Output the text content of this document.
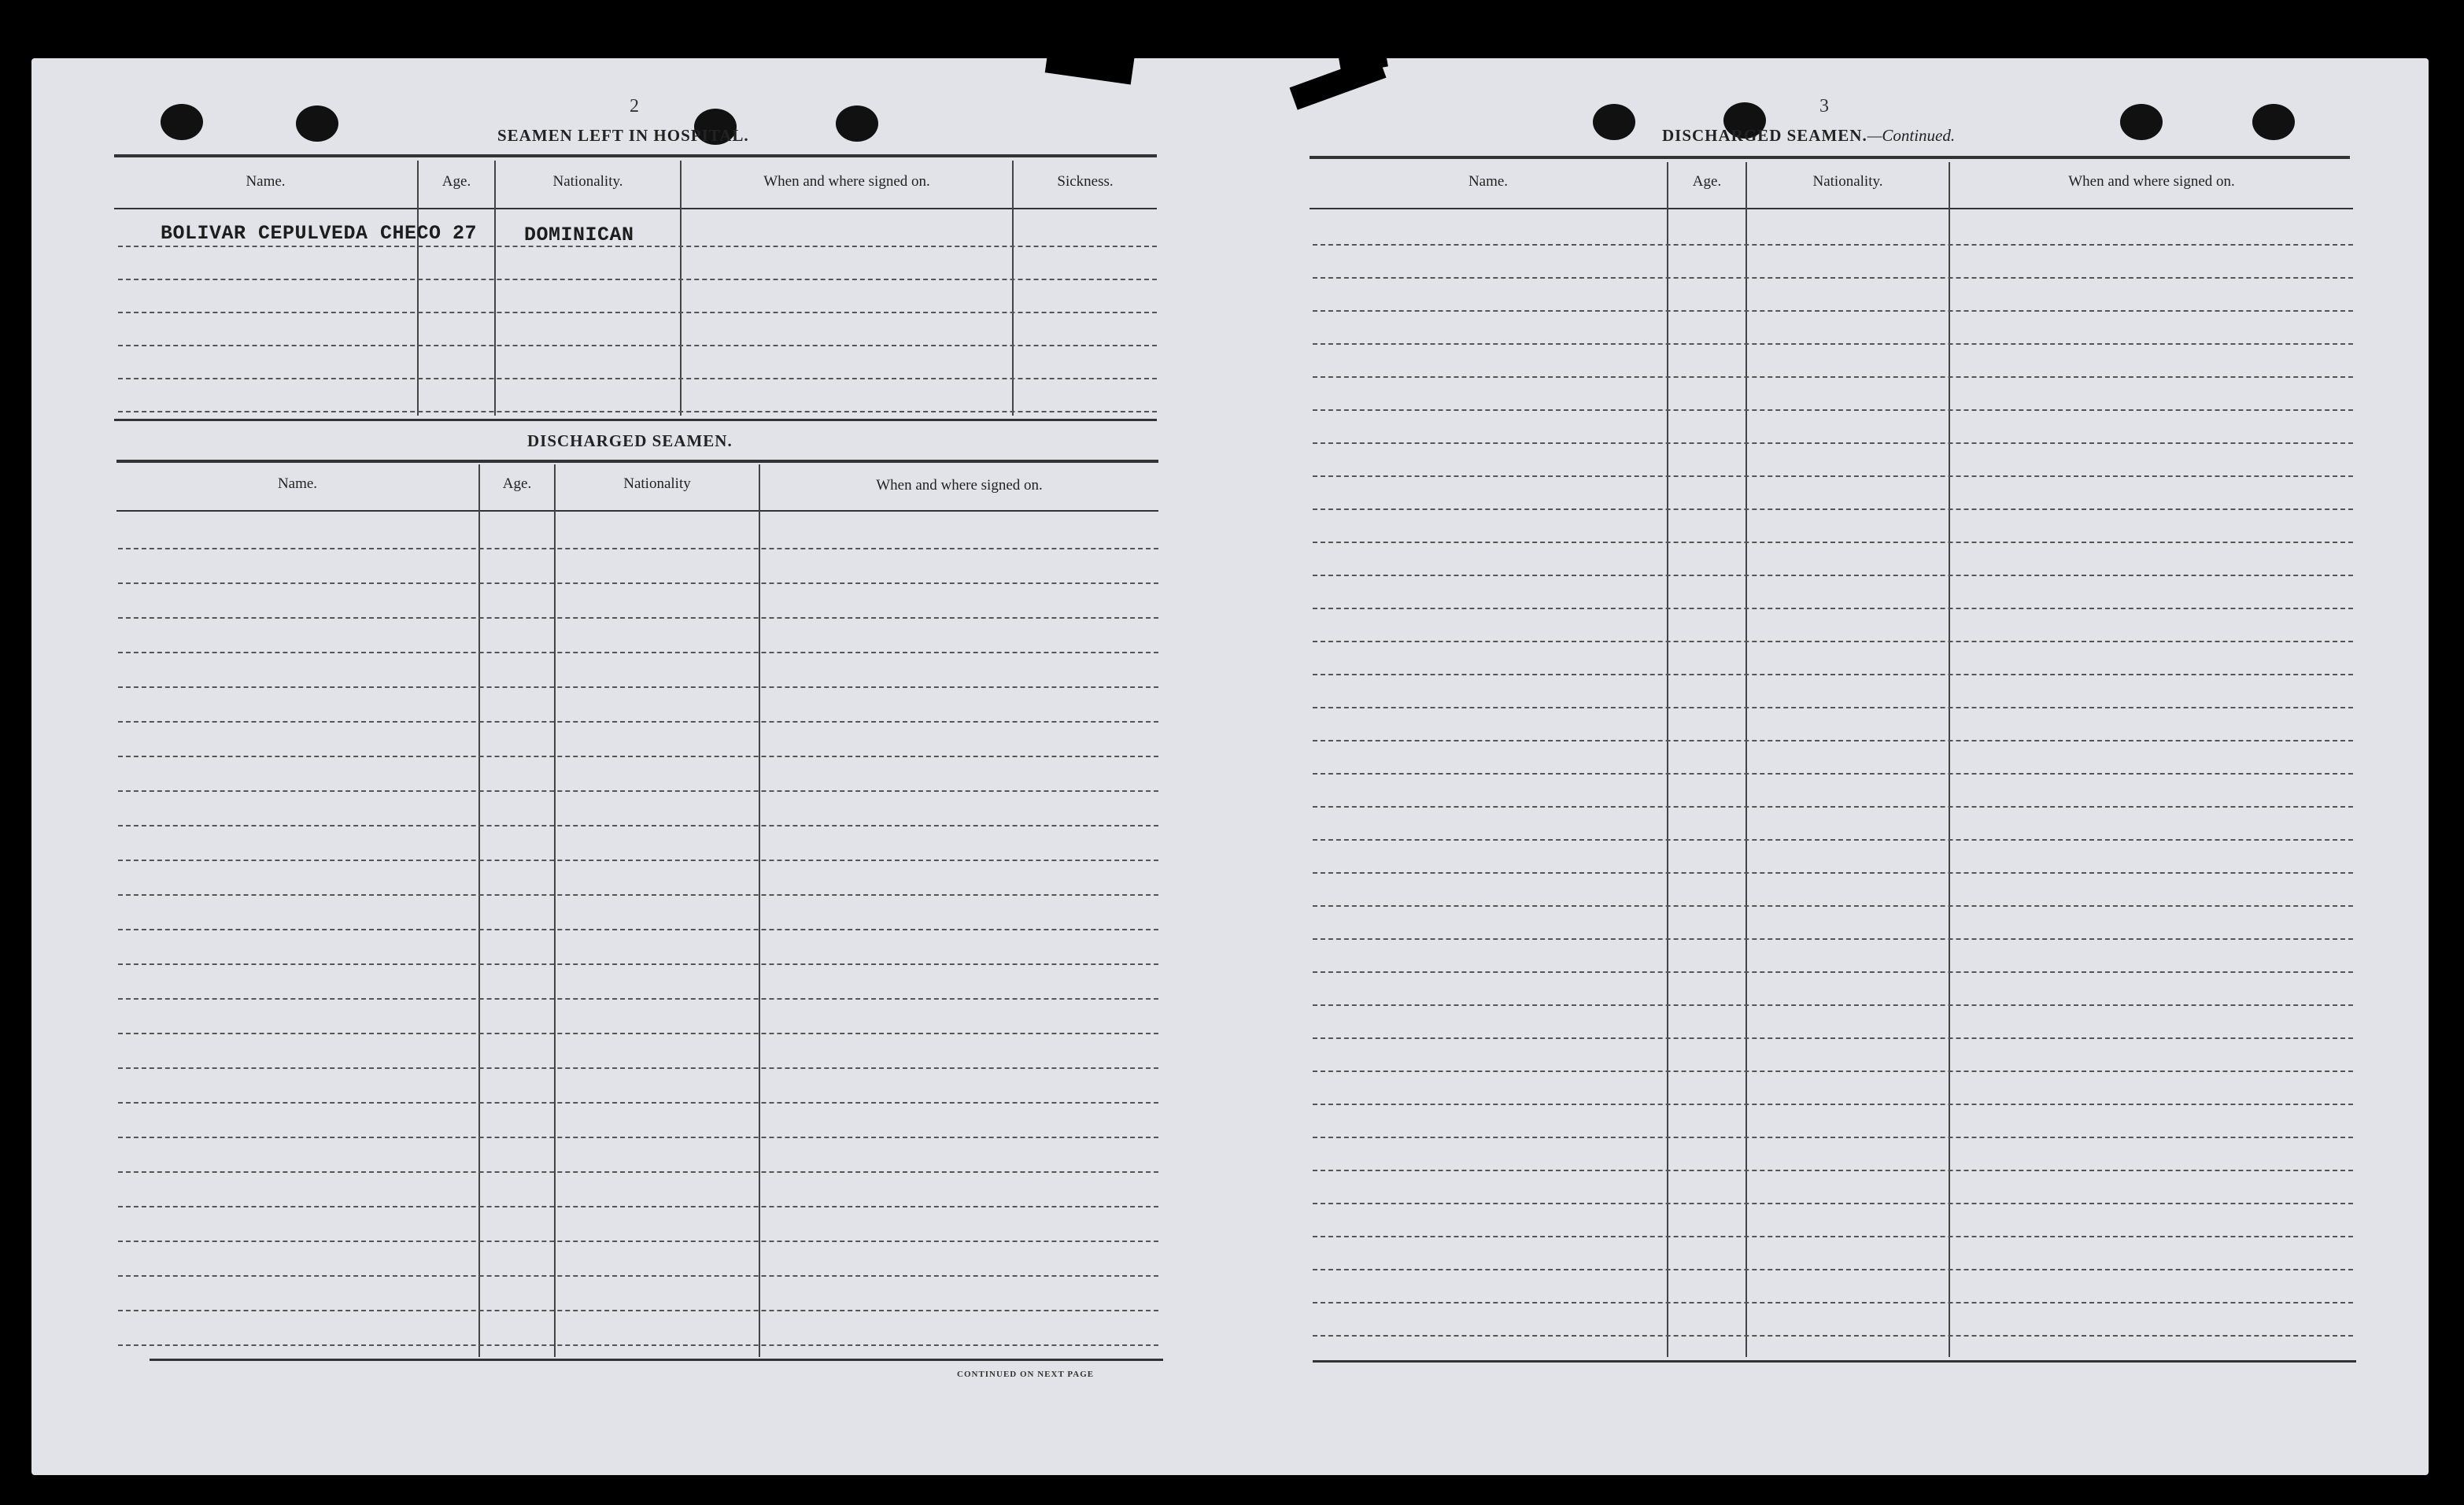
2
SEAMEN LEFT IN HOSPITAL.
Name.	Age.	Nationality.	When and where signed on.	Sickness.
BOLIVAR CEPULVEDA CHECO 27 DOMINICAN
DISCHARGED SEAMEN.
Name.	Age.	Nationality	When and where signed on.
CONTINUED ON NEXT PAGE
3
DISCHARGED SEAMEN.—Continued.
Name.	Age.	Nationality.	When and where signed on.
